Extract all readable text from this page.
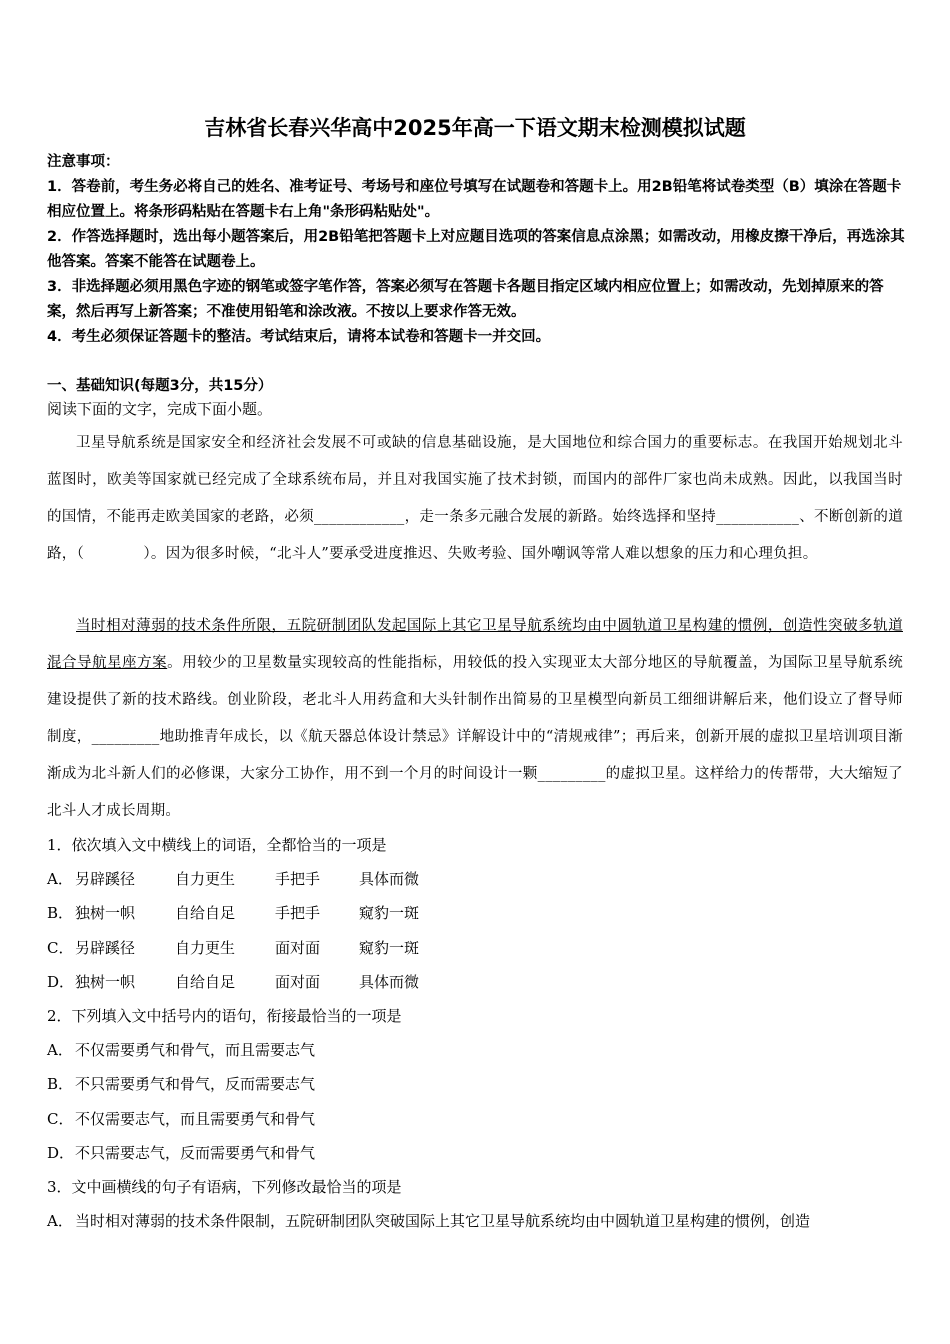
吉林省长春兴华高中2025年高一下语文期末检测模拟试题

注意事项：

1．答卷前，考生务必将自己的姓名、准考证号、考场号和座位号填写在试题卷和答题卡上。用2B铅笔将试卷类型（B）填涂在答题卡相应位置上。将条形码粘贴在答题卡右上角"条形码粘贴处"。

2．作答选择题时，选出每小题答案后，用2B铅笔把答题卡上对应题目选项的答案信息点涂黑；如需改动，用橡皮擦干净后，再选涂其他答案。答案不能答在试题卷上。

3．非选择题必须用黑色字迹的钢笔或签字笔作答，答案必须写在答题卡各题目指定区域内相应位置上；如需改动，先划掉原来的答案，然后再写上新答案；不准使用铅笔和涂改液。不按以上要求作答无效。

4．考生必须保证答题卡的整洁。考试结束后，请将本试卷和答题卡一并交回。

一、基础知识(每题3分，共15分）
阅读下面的文字，完成下面小题。

卫星导航系统是国家安全和经济社会发展不可或缺的信息基础设施，是大国地位和综合国力的重要标志。在我国开始规划北斗蓝图时，欧美等国家就已经完成了全球系统布局，并且对我国实施了技术封锁，而国内的部件厂家也尚未成熟。因此，以我国当时的国情，不能再走欧美国家的老路，必须____________，走一条多元融合发展的新路。始终选择和坚持___________、不断创新的道路，（　　　　）。因为很多时候，“北斗人”要承受进度推迟、失败考验、国外嘲讽等常人难以想象的压力和心理负担。

当时相对薄弱的技术条件所限，五院研制团队发起国际上其它卫星导航系统均由中圆轨道卫星构建的惯例，创造性突破多轨道混合导航星座方案。用较少的卫星数量实现较高的性能指标，用较低的投入实现亚太大部分地区的导航覆盖，为国际卫星导航系统建设提供了新的技术路线。创业阶段，老北斗人用药盒和大头针制作出简易的卫星模型向新员工细细讲解后来，他们设立了督导师制度，_________地助推青年成长，以《航天器总体设计禁忌》详解设计中的“清规戒律”；再后来，创新开展的虚拟卫星培训项目渐渐成为北斗新人们的必修课，大家分工协作，用不到一个月的时间设计一颗_________的虚拟卫星。这样给力的传帮带，大大缩短了北斗人才成长周期。

1．依次填入文中横线上的词语，全都恰当的一项是
A． 另辟蹊径	自力更生	手把手	具体而微
B． 独树一帜	自给自足	手把手	窥豹一斑
C． 另辟蹊径	自力更生	面对面	窥豹一斑
D．独树一帜	自给自足	面对面	具体而微
2．下列填入文中括号内的语句，衔接最恰当的一项是
A． 不仅需要勇气和骨气，而且需要志气
B． 不只需要勇气和骨气，反而需要志气
C． 不仅需要志气，而且需要勇气和骨气
D．不只需要志气，反而需要勇气和骨气
3．文中画横线的句子有语病，下列修改最恰当的项是
A． 当时相对薄弱的技术条件限制，五院研制团队突破国际上其它卫星导航系统均由中圆轨道卫星构建的惯例，创造
